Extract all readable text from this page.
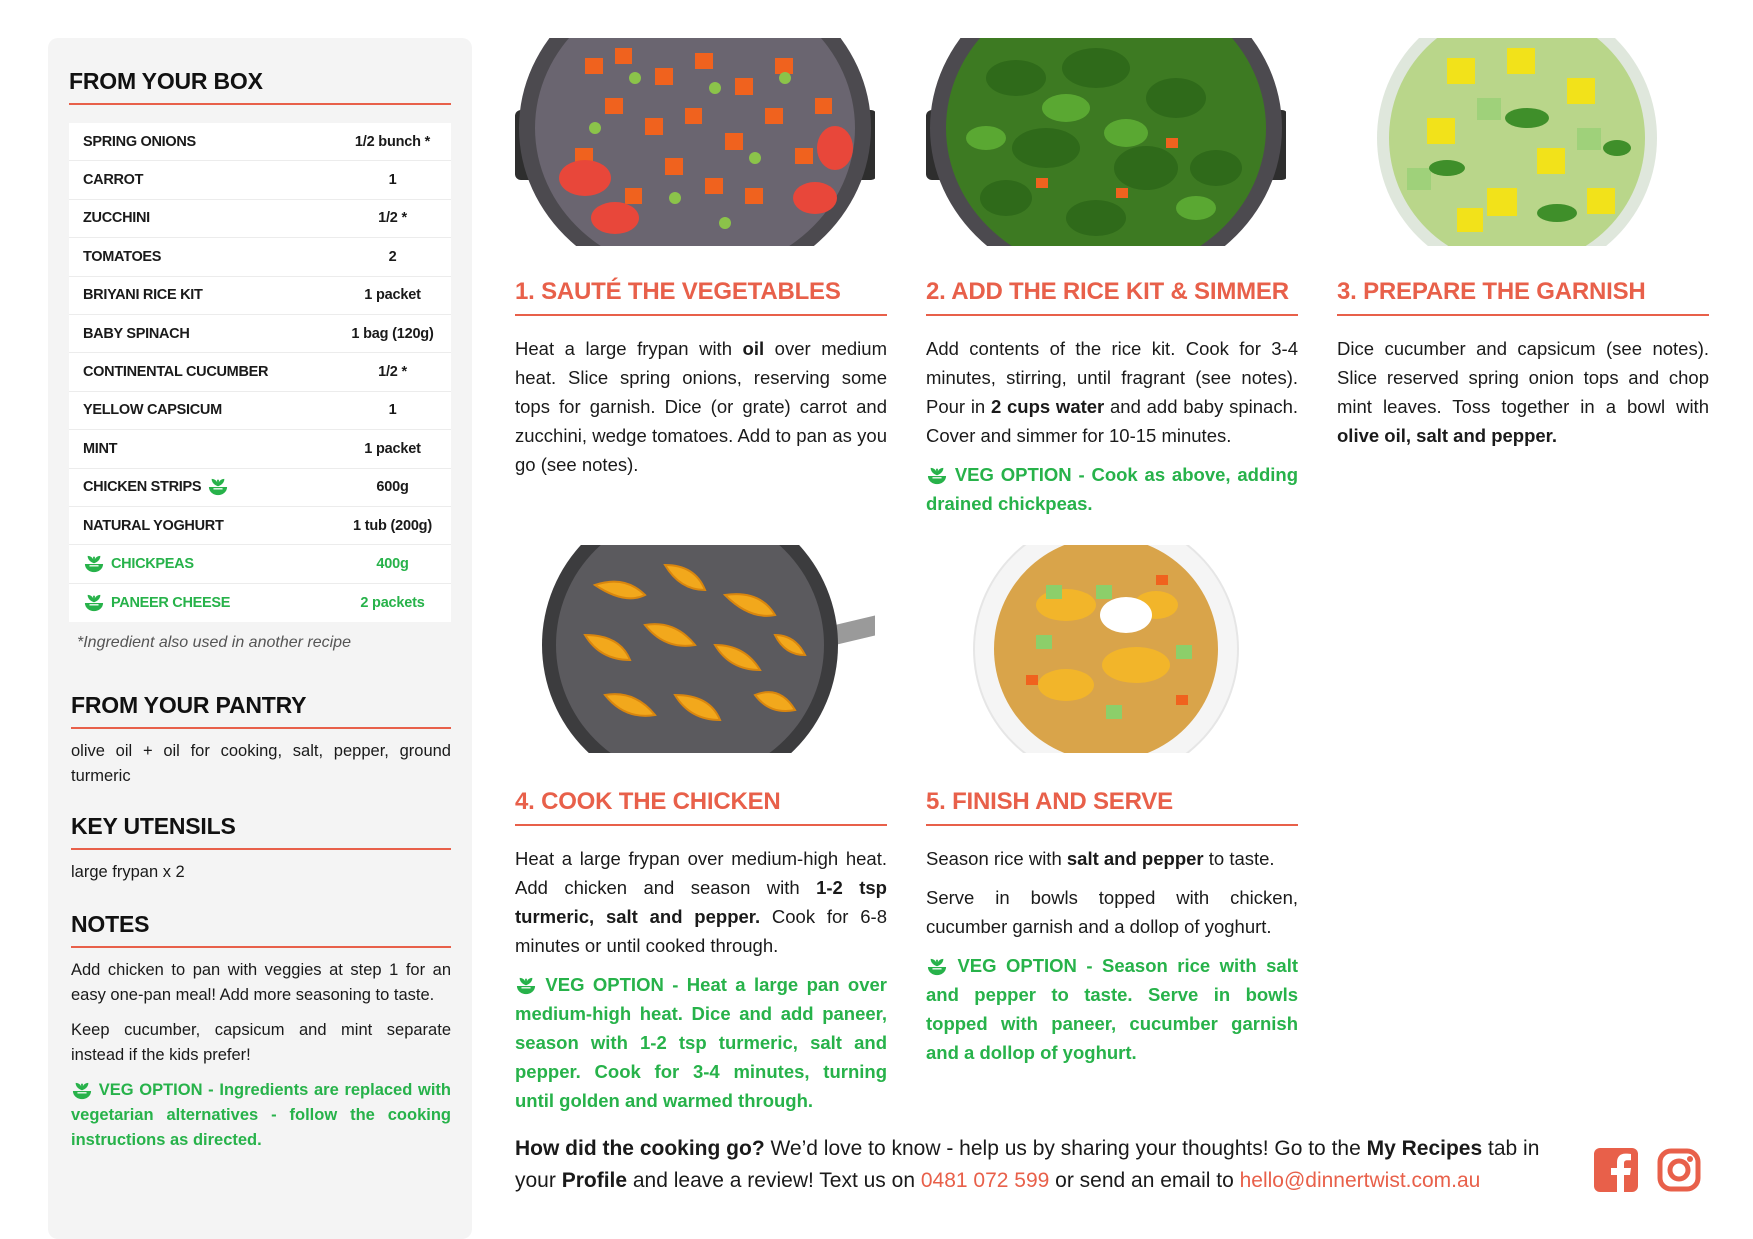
FROM YOUR BOX
SPRING ONIONS	1/2 bunch *
CARROT	1
ZUCCHINI	1/2 *
TOMATOES	2
BRIYANI RICE KIT	1 packet
BABY SPINACH	1 bag (120g)
CONTINENTAL CUCUMBER	1/2 *
YELLOW CAPSICUM	1
MINT	1 packet
CHICKEN STRIPS	600g
NATURAL YOGHURT	1 tub (200g)
CHICKPEAS	400g
PANEER CHEESE	2 packets
*Ingredient also used in another recipe
FROM YOUR PANTRY
olive oil + oil for cooking, salt, pepper, ground turmeric
KEY UTENSILS
large frypan x 2
NOTES

Add chicken to pan with veggies at step 1 for an easy one-pan meal! Add more seasoning to taste.

Keep cucumber, capsicum and mint separate instead if the kids prefer!

VEG OPTION - Ingredients are replaced with vegetarian alternatives - follow the cooking instructions as directed.

1. SAUTÉ THE VEGETABLES

Heat a large frypan with oil over medium heat. Slice spring onions, reserving some tops for garnish. Dice (or grate) carrot and zucchini, wedge tomatoes. Add to pan as you go (see notes).

2. ADD THE RICE KIT & SIMMER

Add contents of the rice kit. Cook for 3-4 minutes, stirring, until fragrant (see notes). Pour in 2 cups water and add baby spinach. Cover and simmer for 10-15 minutes.

VEG OPTION - Cook as above, adding drained chickpeas.

3. PREPARE THE GARNISH

Dice cucumber and capsicum (see notes). Slice reserved spring onion tops and chop mint leaves. Toss together in a bowl with olive oil, salt and pepper.

4. COOK THE CHICKEN

Heat a large frypan over medium-high heat. Add chicken and season with 1-2 tsp turmeric, salt and pepper. Cook for 6-8 minutes or until cooked through.

VEG OPTION - Heat a large pan over medium-high heat. Dice and add paneer, season with 1-2 tsp turmeric, salt and pepper. Cook for 3-4 minutes, turning until golden and warmed through.

5. FINISH AND SERVE

Season rice with salt and pepper to taste.

Serve in bowls topped with chicken, cucumber garnish and a dollop of yoghurt.

VEG OPTION - Season rice with salt and pepper to taste. Serve in bowls topped with paneer, cucumber garnish and a dollop of yoghurt.

How did the cooking go? We’d love to know - help us by sharing your thoughts! Go to the My Recipes tab in your Profile and leave a review! Text us on 0481 072 599 or send an email to hello@dinnertwist.com.au
